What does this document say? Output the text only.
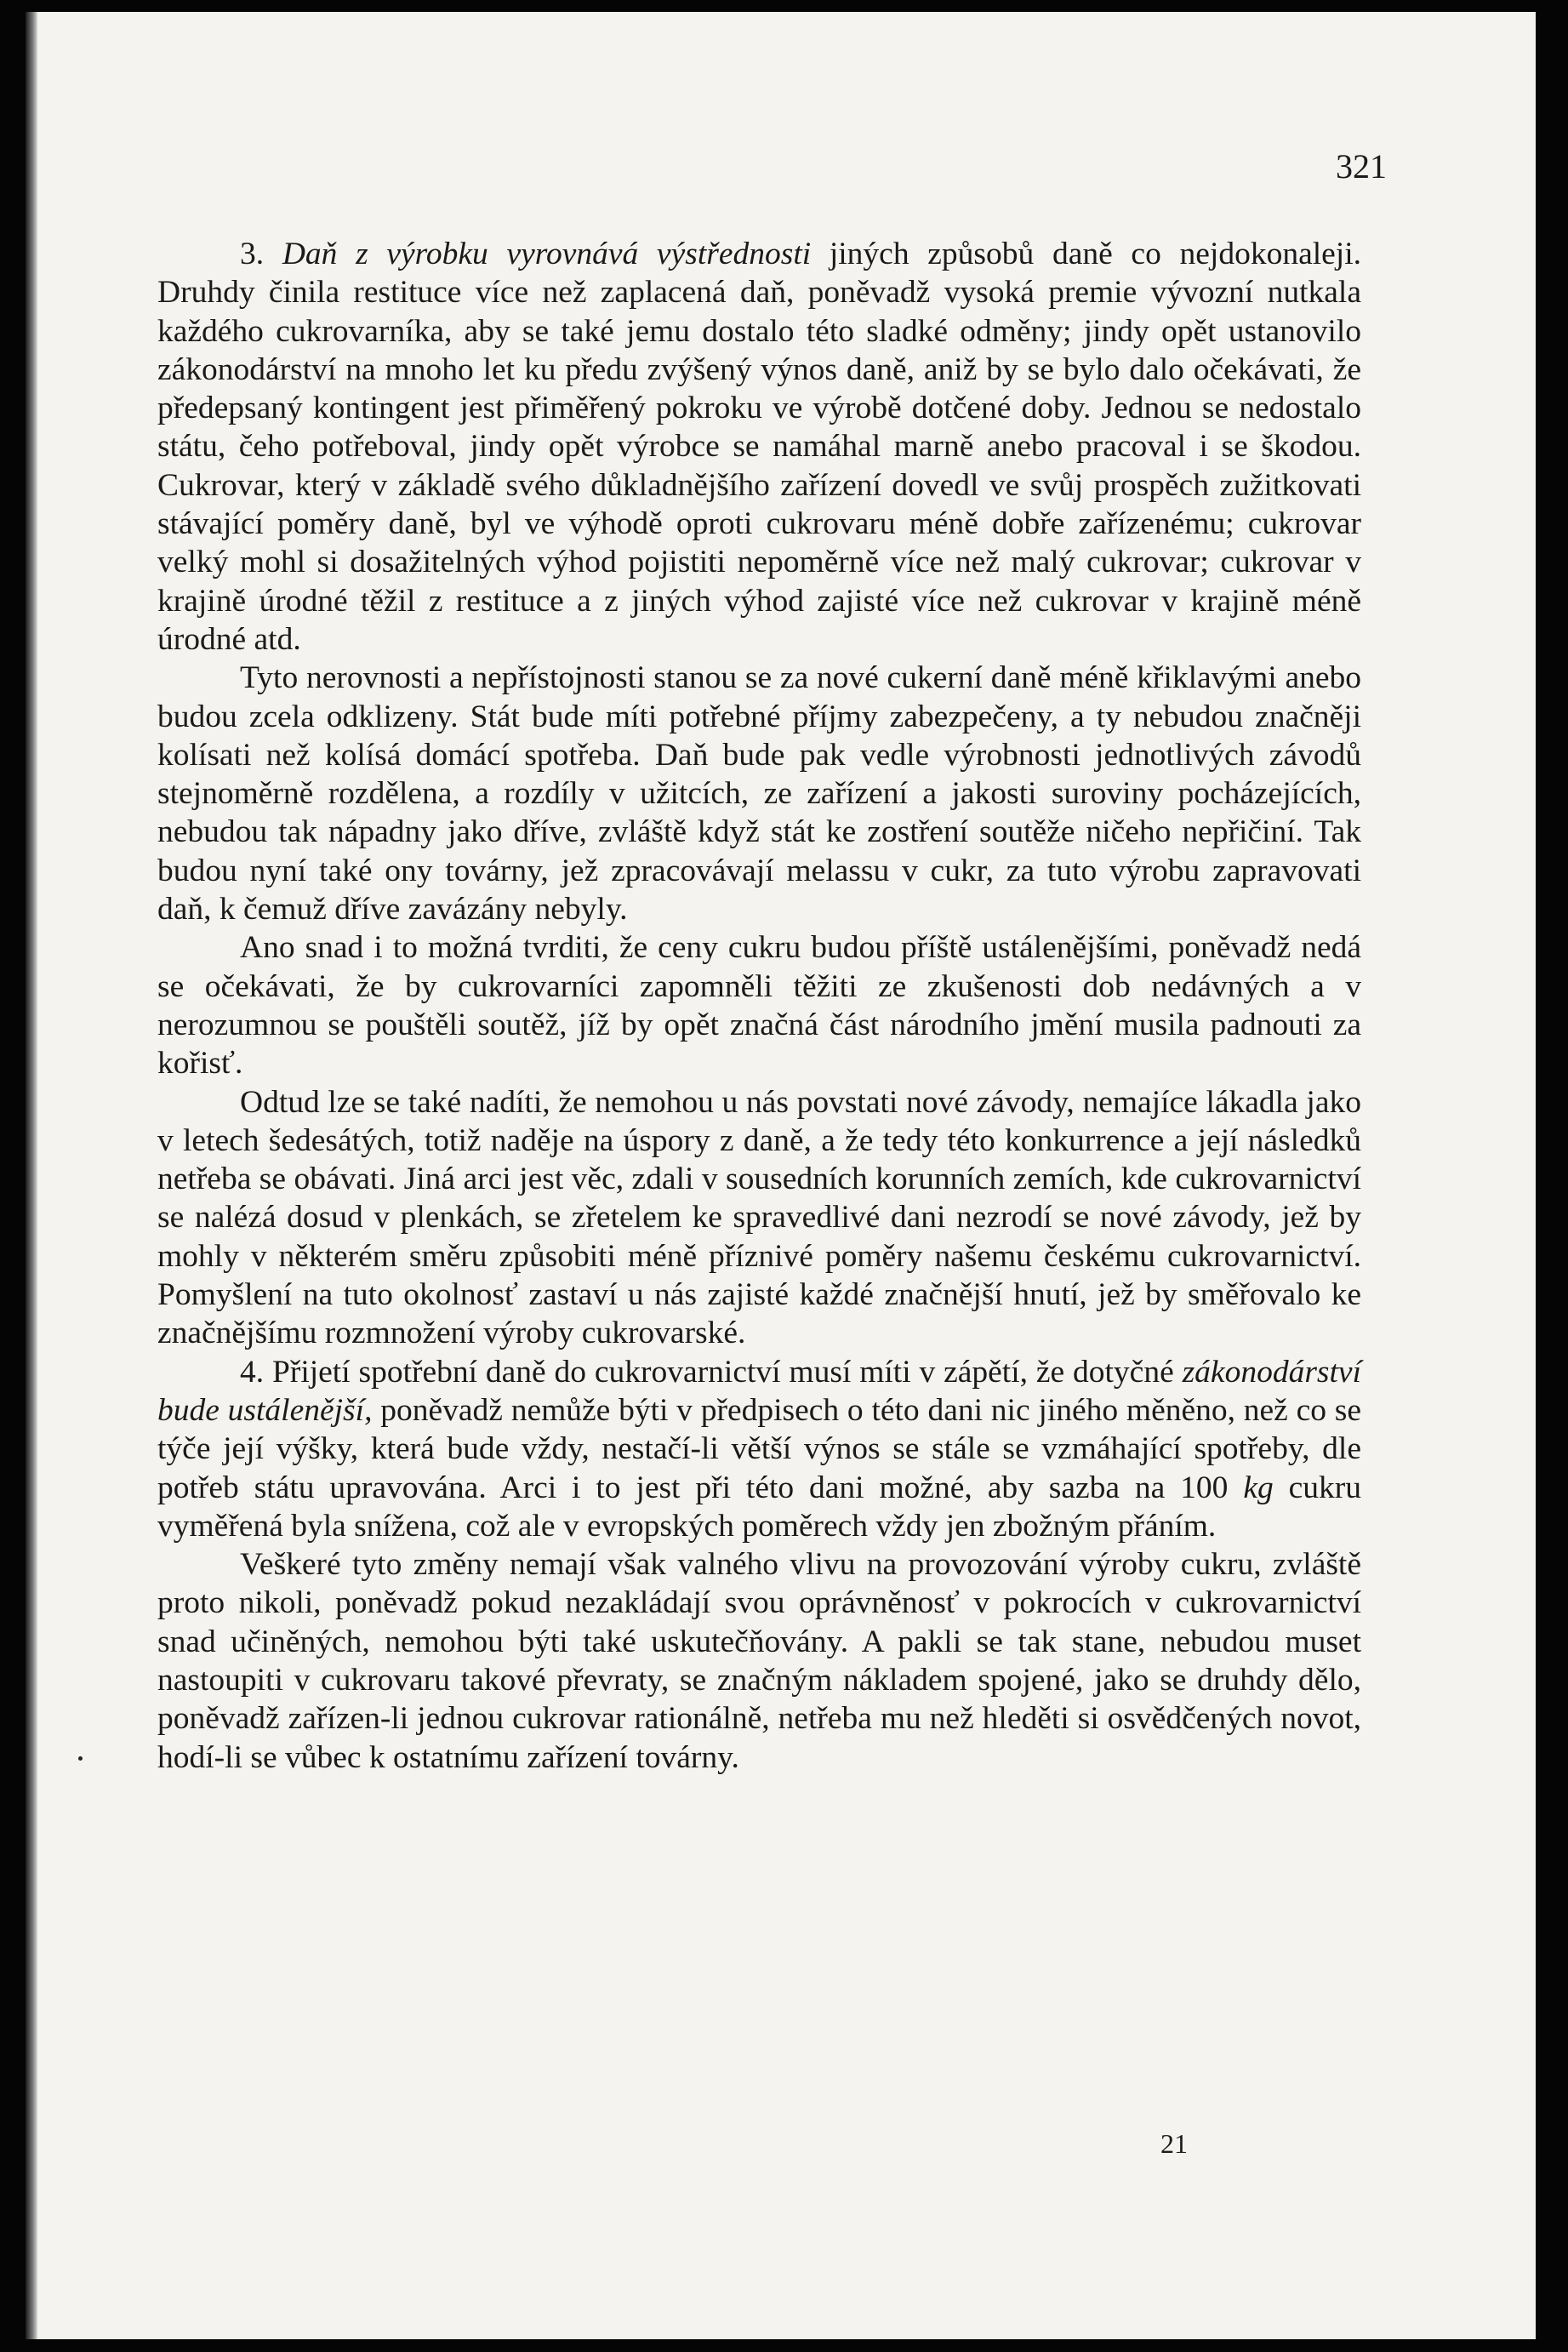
321

3. Daň z výrobku vyrovnává výstřednosti jiných způsobů daně co nejdokonaleji. Druhdy činila restituce více než zaplacená daň, poněvadž vysoká premie vývozní nutkala každého cukrovarníka, aby se také jemu dostalo této sladké odměny; jindy opět ustanovilo zákonodárství na mnoho let ku předu zvýšený výnos daně, aniž by se bylo dalo očekávati, že předepsaný kontingent jest přiměřený pokroku ve výrobě dotčené doby. Jednou se nedostalo státu, čeho potřeboval, jindy opět výrobce se namáhal marně anebo pracoval i se škodou. Cukrovar, který v základě svého důkladnějšího zařízení dovedl ve svůj prospěch zužitkovati stávající poměry daně, byl ve výhodě oproti cukrovaru méně dobře zařízenému; cukrovar velký mohl si dosažitelných výhod pojistiti nepoměrně více než malý cukrovar; cukrovar v krajině úrodné těžil z restituce a z jiných výhod zajisté více než cukrovar v krajině méně úrodné atd.

Tyto nerovnosti a nepřístojnosti stanou se za nové cukerní daně méně křiklavými anebo budou zcela odklizeny. Stát bude míti potřebné příjmy zabezpečeny, a ty nebudou značněji kolísati než kolísá domácí spotřeba. Daň bude pak vedle výrobnosti jednotlivých závodů stejnoměrně rozdělena, a rozdíly v užitcích, ze zařízení a jakosti suroviny pocházejících, nebudou tak nápadny jako dříve, zvláště když stát ke zostření soutěže ničeho nepřičiní. Tak budou nyní také ony továrny, jež zpracovávají melassu v cukr, za tuto výrobu zapravovati daň, k čemuž dříve zavázány nebyly.

Ano snad i to možná tvrditi, že ceny cukru budou příště ustálenějšími, poněvadž nedá se očekávati, že by cukrovarníci zapomněli těžiti ze zkušenosti dob nedávných a v nerozumnou se pouštěli soutěž, jíž by opět značná část národního jmění musila padnouti za kořisť.

Odtud lze se také nadíti, že nemohou u nás povstati nové závody, nemajíce lákadla jako v letech šedesátých, totiž naděje na úspory z daně, a že tedy této konkurrence a její následků netřeba se obávati. Jiná arci jest věc, zdali v sousedních korunních zemích, kde cukrovarnictví se nalézá dosud v plenkách, se zřetelem ke spravedlivé dani nezrodí se nové závody, jež by mohly v některém směru způsobiti méně příznivé poměry našemu českému cukrovarnictví. Pomyšlení na tuto okolnosť zastaví u nás zajisté každé značnější hnutí, jež by směřovalo ke značnějšímu rozmnožení výroby cukrovarské.

4. Přijetí spotřební daně do cukrovarnictví musí míti v zápětí, že dotyčné zákonodárství bude ustálenější, poněvadž nemůže býti v předpisech o této dani nic jiného měněno, než co se týče její výšky, která bude vždy, nestačí-li větší výnos se stále se vzmáhající spotřeby, dle potřeb státu upravována. Arci i to jest při této dani možné, aby sazba na 100 kg cukru vyměřená byla snížena, což ale v evropských poměrech vždy jen zbožným přáním.

Veškeré tyto změny nemají však valného vlivu na provozování výroby cukru, zvláště proto nikoli, poněvadž pokud nezakládají svou oprávněnosť v pokrocích v cukrovarnictví snad učiněných, nemohou býti také uskutečňovány. A pakli se tak stane, nebudou muset nastoupiti v cukrovaru takové převraty, se značným nákladem spojené, jako se druhdy dělo, poněvadž zařízen-li jednou cukrovar rationálně, netřeba mu než hleděti si osvědčených novot, hodí-li se vůbec k ostatnímu zařízení továrny.

21
